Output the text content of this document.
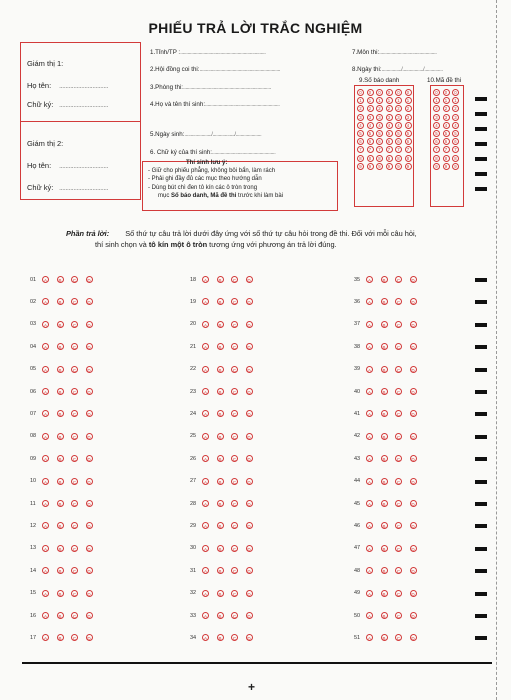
PHIẾU TRẢ LỜI TRẮC NGHIỆM
Giám thị 1:
Họ tên: ...............................
Chữ ký: ...............................
Giám thị 2:
Họ tên: ...............................
Chữ ký: ...............................
1.Tỉnh/TP :......................................................................
2.Hội đồng coi thi:..................................................................
3.Phòng thi:........................................................................
4.Họ và tên thí sinh:.............................................................
5.Ngày sinh:....................../................../.....................
6. Chữ ký của thí sinh:....................................................
7.Môn thi:...............................................
8.Ngày thi:................/................./...............
9.Số báo danh	10.Mã đề thi
Thí sinh lưu ý:
- Giữ cho phiếu phẳng, không bôi bẩn, làm rách
- Phải ghi đầy đủ các mục theo hướng dẫn
- Dùng bút chì đen tô kín các ô tròn trong
mục Số báo danh, Mã đề thi trước khi làm bài
0
1
2
3
4
5
6
7
8
9
0
1
2
3
4
5
6
7
8
9
0
1
2
3
4
5
6
7
8
9
0
1
2
3
4
5
6
7
8
9
0
1
2
3
4
5
6
7
8
9
0
1
2
3
4
5
6
7
8
9
0
1
2
3
4
5
6
7
8
9
0
1
2
3
4
5
6
7
8
9
0
1
2
3
4
5
6
7
8
9
Phần trả lời: Số thứ tự câu trả lời dưới đây ứng với số thứ tự câu hỏi trong đề thi. Đối với mỗi câu hỏi,
thí sinh chọn và tô kín một ô tròn tương ứng với phương án trả lời đúng.
01 A	B	C	D
02 A	B	C	D
03 A	B	C	D
04 A	B	C	D
05 A	B	C	D
06 A	B	C	D
07 A	B	C	D
08 A	B	C	D
09 A	B	C	D
10 A	B	C	D
11 A	B	C	D
12 A	B	C	D
13 A	B	C	D
14 A	B	C	D
15 A	B	C	D
16 A	B	C	D
17 A	B	C	D
18 A	B	C	D
19 A	B	C	D
20 A	B	C	D
21 A	B	C	D
22 A	B	C	D
23 A	B	C	D
24 A	B	C	D
25 A	B	C	D
26 A	B	C	D
27 A	B	C	D
28 A	B	C	D
29 A	B	C	D
30 A	B	C	D
31 A	B	C	D
32 A	B	C	D
33 A	B	C	D
34 A	B	C	D
35 A	B	C	D
36 A	B	C	D
37 A	B	C	D
38 A	B	C	D
39 A	B	C	D
40 A	B	C	D
41 A	B	C	D
42 A	B	C	D
43 A	B	C	D
44 A	B	C	D
45 A	B	C	D
46 A	B	C	D
47 A	B	C	D
48 A	B	C	D
49 A	B	C	D
50 A	B	C	D
51 A	B	C	D
+
